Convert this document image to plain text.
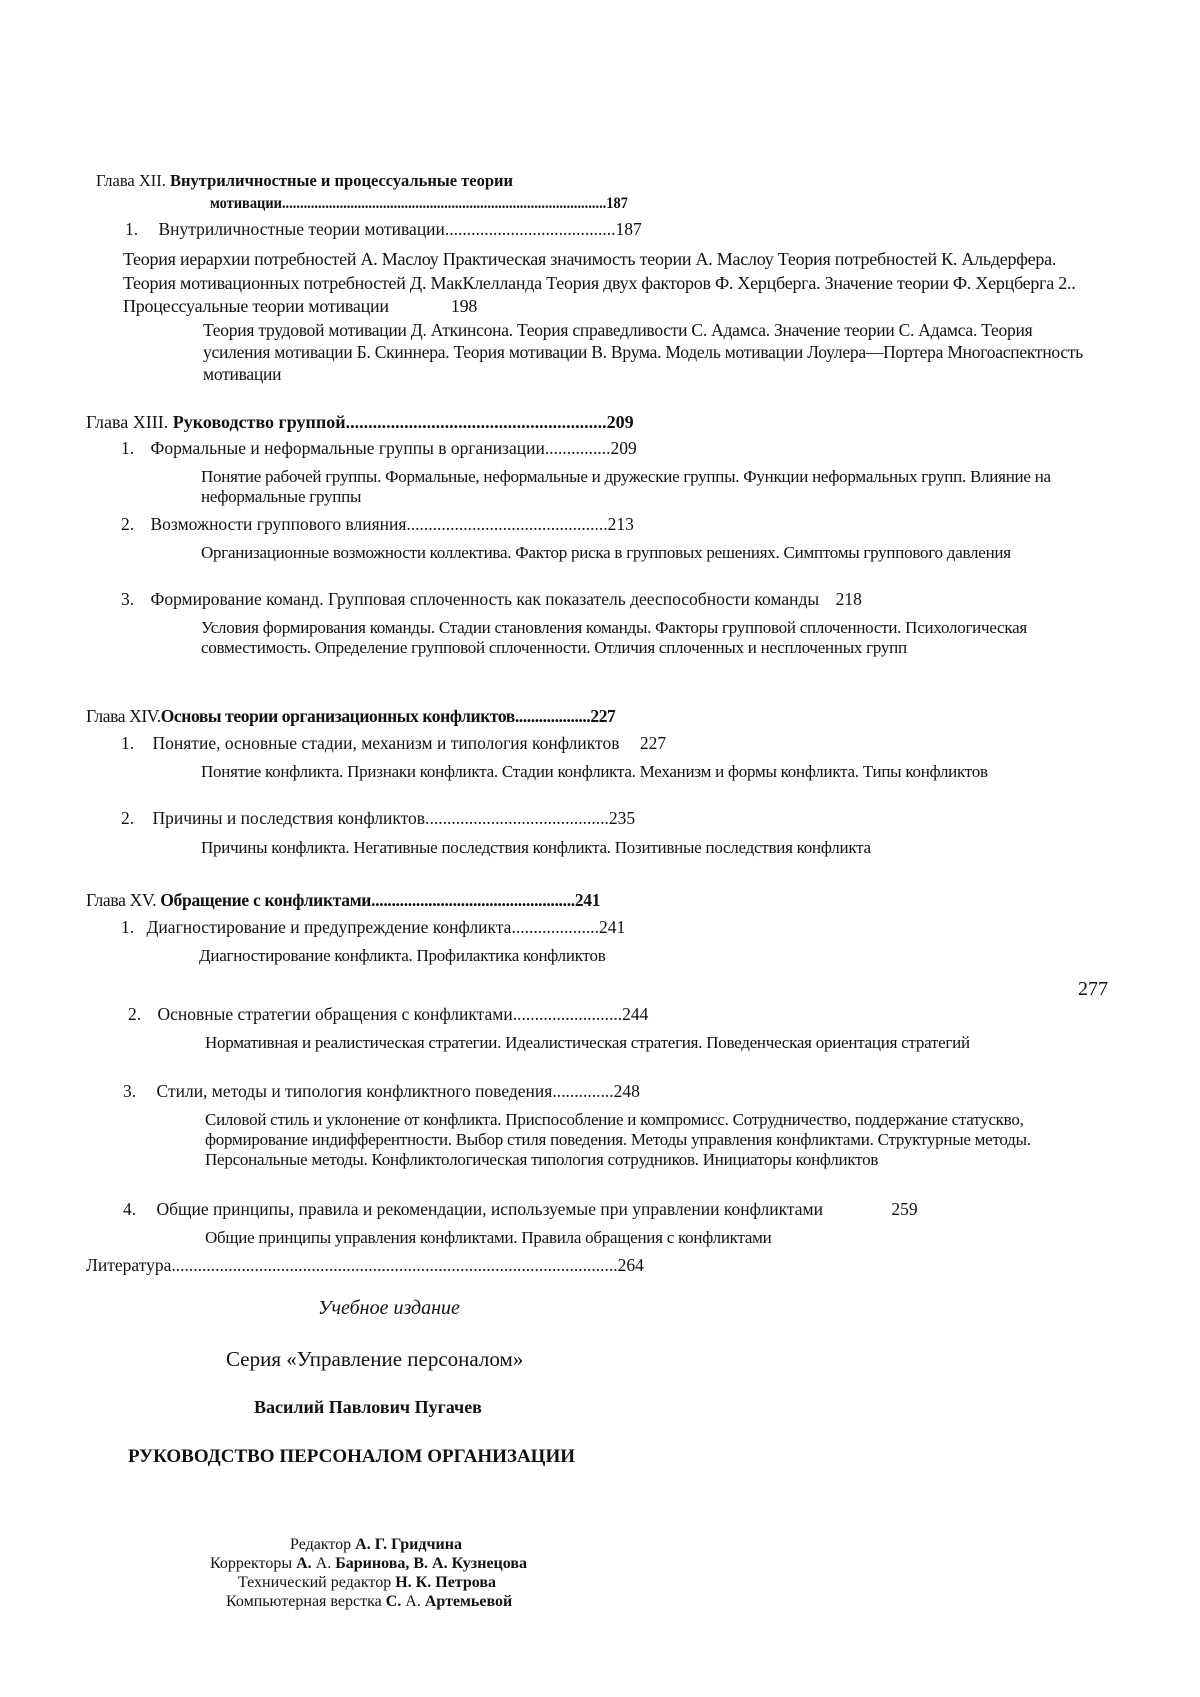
Глава XII. Внутриличностные и процессуальные теории
мотивации..........................................................................................187
1. Внутриличностные теории мотивации.......................................187
Теория иерархии потребностей А. Маслоу Практическая значимость теории А. Маслоу Теория потребностей К. Альдерфера. Теория мотивационных потребностей Д. МакКлелланда Теория двух факторов Ф. Херцберга. Значение теории Ф. Херцберга 2.. Процессуальные теории мотивации	198
Теория трудовой мотивации Д. Аткинсона. Теория справедливости С. Адамса. Значение теории С. Адамса. Теория усиления мотивации Б. Скиннера. Теория мотивации В. Врума. Модель мотивации Лоулера—Портера Многоаспектность мотивации
Глава XIII. Руководство группой..........................................................209
1. Формальные и неформальные группы в организации...............209
Понятие рабочей группы. Формальные, неформальные и дружеские группы. Функции неформальных групп. Влияние на неформальные группы
2. Возможности группового влияния..............................................213
Организационные возможности коллектива. Фактор риска в групповых решениях. Симптомы группового давления
3. Формирование команд. Групповая сплоченность как показатель дееспособности команды 218
Условия формирования команды. Стадии становления команды. Факторы групповой сплоченности. Психологическая совместимость. Определение групповой сплоченности. Отличия сплоченных и несплоченных групп
Глава XIV.Основы теории организационных конфликтов...................227
1. Понятие, основные стадии, механизм и типология конфликтов 227
Понятие конфликта. Признаки конфликта. Стадии конфликта. Механизм и формы конфликта. Типы конфликтов
2. Причины и последствия конфликтов..........................................235
Причины конфликта. Негативные последствия конфликта. Позитивные последствия конфликта
Глава XV. Обращение с конфликтами..................................................241
1. Диагностирование и предупреждение конфликта....................241
Диагностирование конфликта. Профилактика конфликтов
277
2. Основные стратегии обращения с конфликтами.........................244
Нормативная и реалистическая стратегии. Идеалистическая стратегия. Поведенческая ориентация стратегий
3. Стили, методы и типология конфликтного поведения..............248
Силовой стиль и уклонение от конфликта. Приспособление и компромисс. Сотрудничество, поддержание статускво, формирование индифферентности. Выбор стиля поведения. Методы управления конфликтами. Структурные методы. Персональные методы. Конфликтологическая типология сотрудников. Инициаторы конфликтов
4. Общие принципы, правила и рекомендации, используемые при управлении конфликтами	259
Общие принципы управления конфликтами. Правила обращения с конфликтами
Литература......................................................................................................264
Учебное издание
Серия «Управление персоналом»
Василий Павлович Пугачев
РУКОВОДСТВО ПЕРСОНАЛОМ ОРГАНИЗАЦИИ
Редактор А. Г. Гридчина
Корректоры А. А. Баринова, В. А. Кузнецова
Технический редактор Н. К. Петрова
Компьютерная верстка С. А. Артемьевой
